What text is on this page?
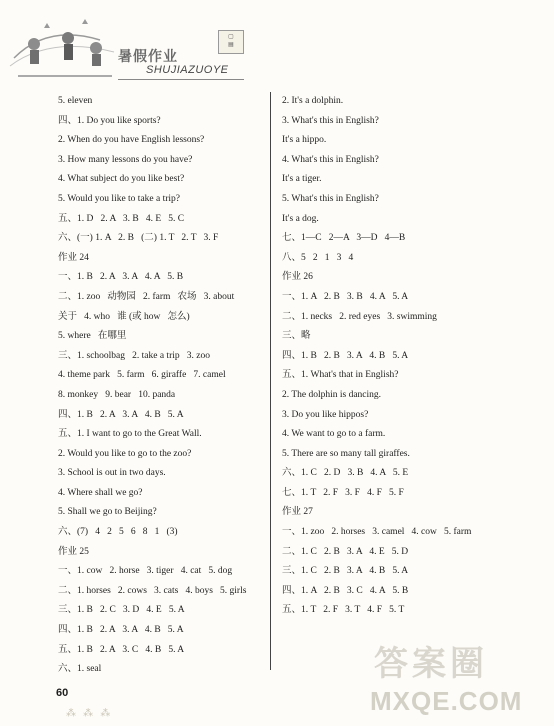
▢
▤
暑假作业
SHUJIAZUOYE
5. eleven
四、1. Do you like sports?
2. When do you have English lessons?
3. How many lessons do you have?
4. What subject do you like best?
5. Would you like to take a trip?
五、1. D   2. A   3. B   4. E   5. C
六、(一) 1. A   2. B   (二) 1. T   2. T   3. F
作业 24
一、1. B   2. A   3. A   4. A   5. B
二、1. zoo   动物园   2. farm   农场   3. about
关于   4. who   谁 (或 how   怎么)
5. where   在哪里
三、1. schoolbag   2. take a trip   3. zoo
4. theme park   5. farm   6. giraffe   7. camel
8. monkey   9. bear   10. panda
四、1. B   2. A   3. A   4. B   5. A
五、1. I want to go to the Great Wall.
2. Would you like to go to the zoo?
3. School is out in two days.
4. Where shall we go?
5. Shall we go to Beijing?
六、(7)   4   2   5   6   8   1   (3)
作业 25
一、1. cow   2. horse   3. tiger   4. cat   5. dog
二、1. horses   2. cows   3. cats   4. boys   5. girls
三、1. B   2. C   3. D   4. E   5. A
四、1. B   2. A   3. A   4. B   5. A
五、1. B   2. A   3. C   4. B   5. A
六、1. seal
2. It's a dolphin.
3. What's this in English?
It's a hippo.
4. What's this in English?
It's a tiger.
5. What's this in English?
It's a dog.
七、1—C   2—A   3—D   4—B
八、5   2   1   3   4
作业 26
一、1. A   2. B   3. B   4. A   5. A
二、1. necks   2. red eyes   3. swimming
三、略
四、1. B   2. B   3. A   4. B   5. A
五、1. What's that in English?
2. The dolphin is dancing.
3. Do you like hippos?
4. We want to go to a farm.
5. There are so many tall giraffes.
六、1. C   2. D   3. B   4. A   5. E
七、1. T   2. F   3. F   4. F   5. F
作业 27
一、1. zoo   2. horses   3. camel   4. cow   5. farm
二、1. C   2. B   3. A   4. E   5. D
三、1. C   2. B   3. A   4. B   5. A
四、1. A   2. B   3. C   4. A   5. B
五、1. T   2. F   3. T   4. F   5. T
60
⁂ ⁂ ⁂
答案圈
MXQE.COM
